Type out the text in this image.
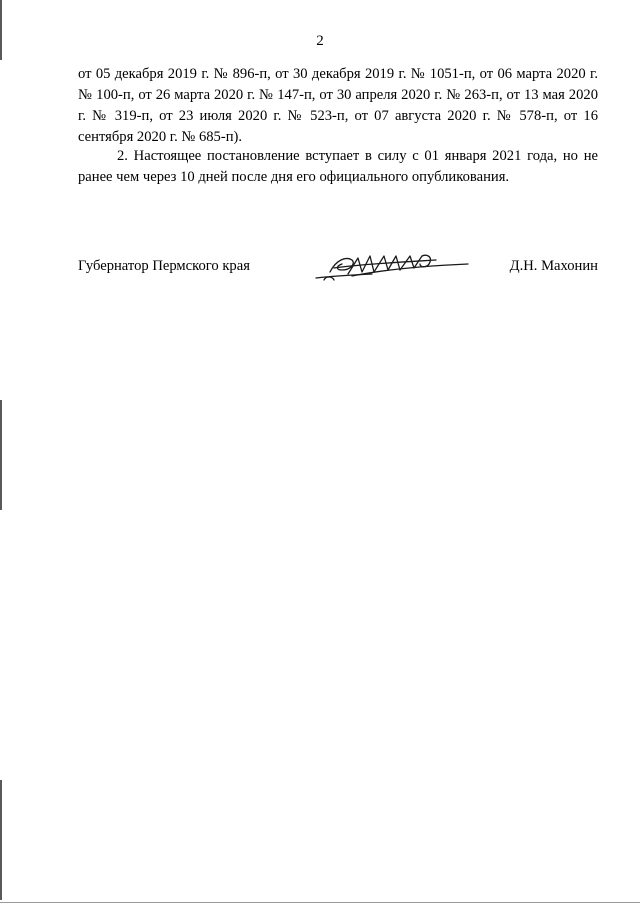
2

от 05 декабря 2019 г. № 896-п, от 30 декабря 2019 г. № 1051-п, от 06 марта 2020 г. № 100-п, от 26 марта 2020 г. № 147-п, от 30 апреля 2020 г. № 263-п, от 13 мая 2020 г. № 319-п, от 23 июля 2020 г. № 523-п, от 07 августа 2020 г. № 578-п, от 16 сентября 2020 г. № 685-п).

2. Настоящее постановление вступает в силу с 01 января 2021 года, но не ранее чем через 10 дней после дня его официального опубликования.

Губернатор Пермского края	Д.Н. Махонин
